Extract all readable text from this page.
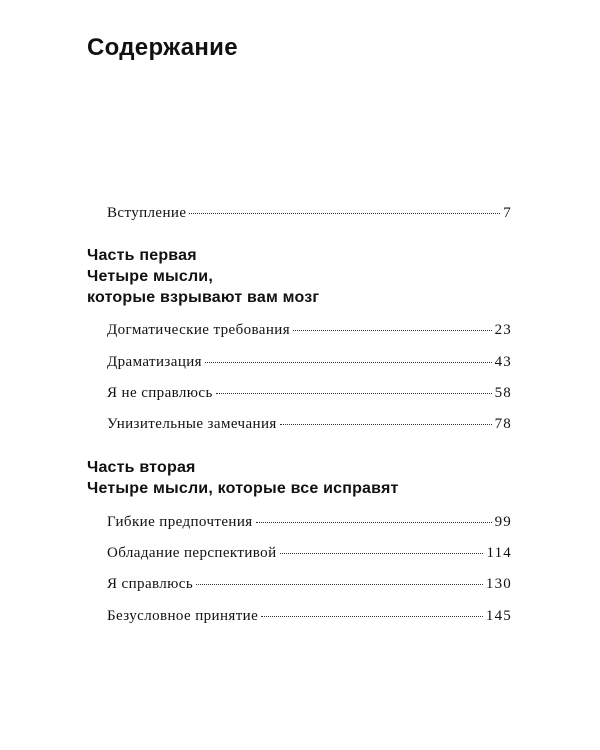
Содержание
Вступление	7
Часть первая
Четыре мысли,
которые взрывают вам мозг
Догматические требования	23
Драматизация	43
Я не справлюсь	58
Унизительные замечания	78
Часть вторая
Четыре мысли, которые все исправят
Гибкие предпочтения	99
Обладание перспективой	114
Я справлюсь	130
Безусловное принятие	145
